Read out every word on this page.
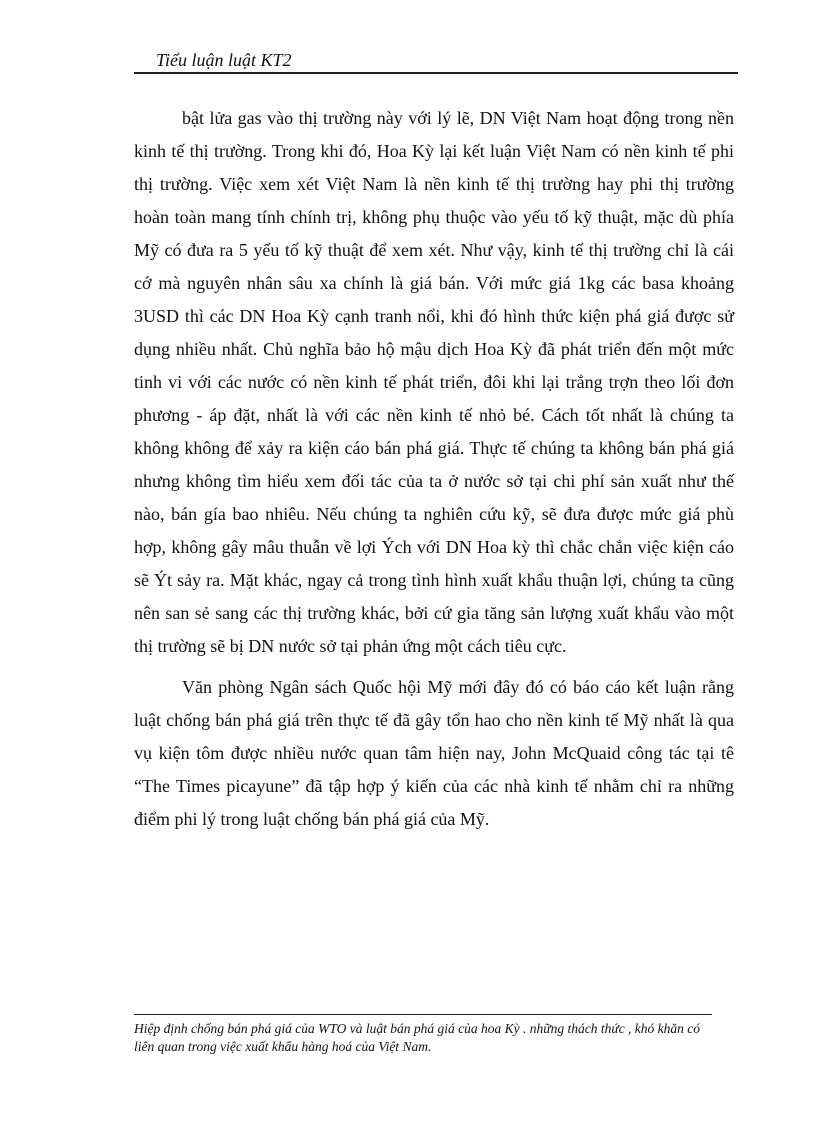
Tiểu luận luật KT2

bật lửa gas vào thị trường này với lý lẽ, DN Việt Nam hoạt động trong nền kinh tế thị trường. Trong khi đó, Hoa Kỳ lại kết luận Việt Nam có nền kinh tế phi thị trường. Việc xem xét Việt Nam là nền kinh tế thị trường hay phi thị trường hoàn toàn mang tính chính trị, không phụ thuộc vào yếu tố kỹ thuật, mặc dù phía Mỹ có đưa ra 5 yếu tố kỹ thuật để xem xét. Như vậy, kinh tế thị trường chỉ là cái cớ mà nguyên nhân sâu xa chính là giá bán. Với mức giá 1kg các basa khoảng 3USD thì các DN Hoa Kỳ cạnh tranh nổi, khi đó hình thức kiện phá giá được sử dụng nhiều nhất. Chủ nghĩa bảo hộ mậu dịch Hoa Kỳ đã phát triển đến một mức tinh vi với các nước có nền kinh tế phát triển, đôi khi lại trắng trợn theo lối đơn phương - áp đặt, nhất là với các nền kinh tế nhỏ bé. Cách tốt nhất là chúng ta không không để xảy ra kiện cáo bán phá giá. Thực tế chúng ta không bán phá giá nhưng không tìm hiểu xem đối tác của ta ở nước sở tại chi phí sản xuất như thế nào, bán gía bao nhiêu. Nếu chúng ta nghiên cứu kỹ, sẽ đưa được mức giá phù hợp, không gây mâu thuẫn về lợi Ých với DN Hoa kỳ thì chắc chắn việc kiện cáo sẽ Ýt sảy ra. Mặt khác, ngay cả trong tình hình xuất khẩu thuận lợi, chúng ta cũng nên san sẻ sang các thị trường khác, bởi cứ gia tăng sản lượng xuất khẩu vào một thị trường sẽ bị DN nước sở tại phản ứng một cách tiêu cực.

Văn phòng Ngân sách Quốc hội Mỹ mới đây đó có báo cáo kết luận rằng luật chống bán phá giá trên thực tế đã gây tổn hao cho nền kinh tế Mỹ nhất là qua vụ kiện tôm được nhiều nước quan tâm hiện nay, John McQuaid công tác tại tê “The Times picayune” đã tập hợp ý kiến của các nhà kinh tế nhằm chỉ ra những điểm phi lý trong luật chống bán phá giá của Mỹ.

Hiệp định chống bán phá giá của WTO và luật bán phá giá của hoa Kỳ . những thách thức , khó khăn có liên quan trong việc xuất khẩu hàng hoá của Việt Nam.
